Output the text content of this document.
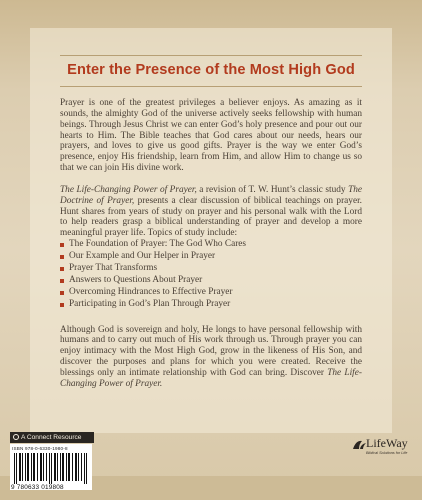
Enter the Presence of the Most High God

Prayer is one of the greatest privileges a believer enjoys. As amazing as it sounds, the almighty God of the universe actively seeks fellowship with human beings. Through Jesus Christ we can enter God’s holy presence and pour out our hearts to Him. The Bible teaches that God cares about our needs, hears our prayers, and loves to give us good gifts. Prayer is the way we enter God’s presence, enjoy His friendship, learn from Him, and allow Him to change us so that we can join His divine work.

The Life-Changing Power of Prayer, a revision of T. W. Hunt’s classic study The Doctrine of Prayer, presents a clear discussion of biblical teachings on prayer. Hunt shares from years of study on prayer and his personal walk with the Lord to help readers grasp a biblical understanding of prayer and develop a more meaningful prayer life. Topics of study include:

The Foundation of Prayer: The God Who Cares
Our Example and Our Helper in Prayer
Prayer That Transforms
Answers to Questions About Prayer
Overcoming Hindrances to Effective Prayer
Participating in God’s Plan Through Prayer

Although God is sovereign and holy, He longs to have personal fellowship with humans and to carry out much of His work through us. Through prayer you can enjoy intimacy with the Most High God, grow in the likeness of His Son, and discover the purposes and plans for which you were created. Receive the blessings only an intimate relationship with God can bring. Discover The Life-Changing Power of Prayer.

A Connect Resource
ISBN 978-0-6330-1980-8
9 780633 019808
LifeWay
Biblical Solutions for Life
